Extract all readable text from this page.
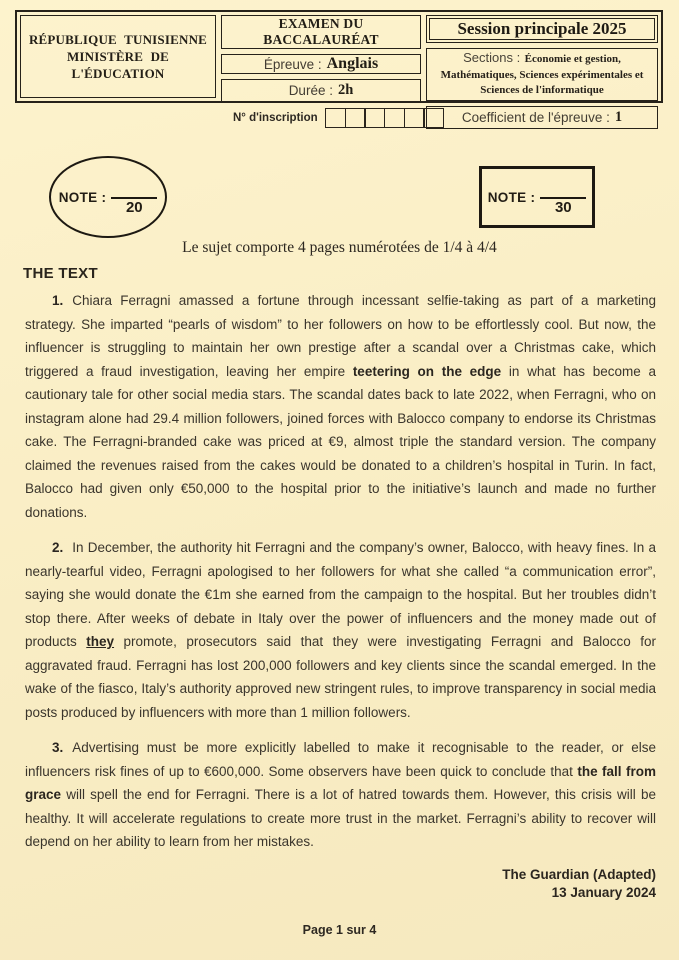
RÉPUBLIQUE TUNISIENNE
MINISTÈRE DE L'ÉDUCATION
EXAMEN DU BACCALAURÉAT
Épreuve : Anglais
Durée : 2h
Session principale 2025
Sections : Économie et gestion, Mathématiques, Sciences expérimentales et Sciences de l'informatique
Coefficient de l'épreuve : 1
N° d'inscription
NOTE :
20
NOTE :
30
Le sujet comporte 4 pages numérotées de 1/4 à 4/4
THE TEXT

1. Chiara Ferragni amassed a fortune through incessant selfie-taking as part of a marketing strategy. She imparted “pearls of wisdom” to her followers on how to be effortlessly cool. But now, the influencer is struggling to maintain her own prestige after a scandal over a Christmas cake, which triggered a fraud investigation, leaving her empire teetering on the edge in what has become a cautionary tale for other social media stars. The scandal dates back to late 2022, when Ferragni, who on instagram alone had 29.4 million followers, joined forces with Balocco company to endorse its Christmas cake. The Ferragni-branded cake was priced at €9, almost triple the standard version. The company claimed the revenues raised from the cakes would be donated to a children’s hospital in Turin. In fact, Balocco had given only €50,000 to the hospital prior to the initiative’s launch and made no further donations.

2. In December, the authority hit Ferragni and the company’s owner, Balocco, with heavy fines. In a nearly-tearful video, Ferragni apologised to her followers for what she called “a communication error”, saying she would donate the €1m she earned from the campaign to the hospital. But her troubles didn’t stop there. After weeks of debate in Italy over the power of influencers and the money made out of products they promote, prosecutors said that they were investigating Ferragni and Balocco for aggravated fraud. Ferragni has lost 200,000 followers and key clients since the scandal emerged. In the wake of the fiasco, Italy’s authority approved new stringent rules, to improve transparency in social media posts produced by influencers with more than 1 million followers.

3. Advertising must be more explicitly labelled to make it recognisable to the reader, or else influencers risk fines of up to €600,000. Some observers have been quick to conclude that the fall from grace will spell the end for Ferragni. There is a lot of hatred towards them. However, this crisis will be healthy. It will accelerate regulations to create more trust in the market. Ferragni’s ability to recover will depend on her ability to learn from her mistakes.

The Guardian (Adapted)
13 January 2024
Page 1 sur 4
